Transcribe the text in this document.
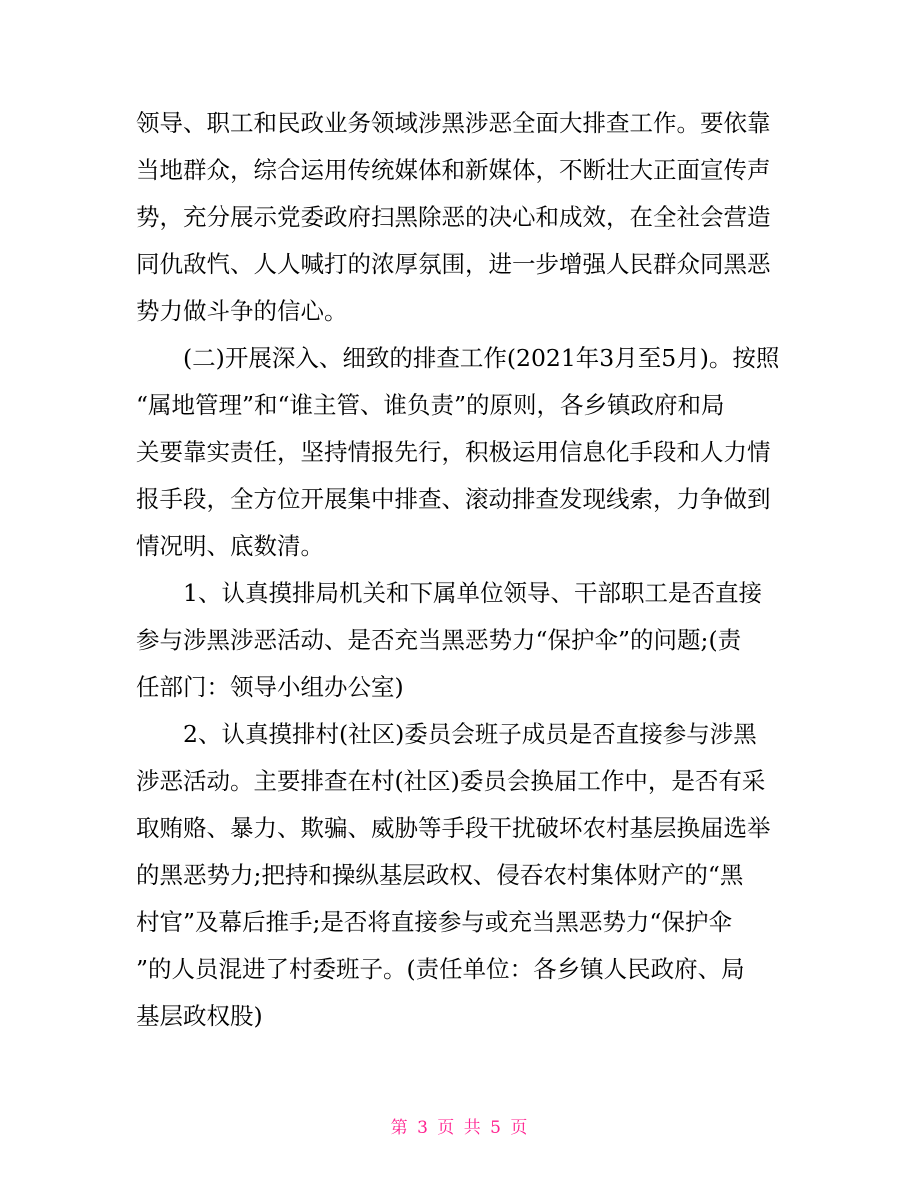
领导、职工和民政业务领域涉黑涉恶全面大排查工作。要依靠
当地群众，综合运用传统媒体和新媒体，不断壮大正面宣传声
势，充分展示党委政府扫黑除恶的决心和成效，在全社会营造
同仇敌忾、人人喊打的浓厚氛围，进一步增强人民群众同黑恶
势力做斗争的信心。
　　(二)开展深入、细致的排查工作(2021年3月至5月)。按照
“属地管理”和“谁主管、谁负责”的原则，各乡镇政府和局
关要靠实责任，坚持情报先行，积极运用信息化手段和人力情
报手段，全方位开展集中排查、滚动排查发现线索，力争做到
情况明、底数清。
　　1、认真摸排局机关和下属单位领导、干部职工是否直接
参与涉黑涉恶活动、是否充当黑恶势力“保护伞”的问题;(责
任部门：领导小组办公室)
　　2、认真摸排村(社区)委员会班子成员是否直接参与涉黑
涉恶活动。主要排查在村(社区)委员会换届工作中，是否有采
取贿赂、暴力、欺骗、威胁等手段干扰破坏农村基层换届选举
的黑恶势力;把持和操纵基层政权、侵吞农村集体财产的“黑
村官”及幕后推手;是否将直接参与或充当黑恶势力“保护伞
”的人员混进了村委班子。(责任单位：各乡镇人民政府、局
基层政权股)
第 3 页 共 5 页
